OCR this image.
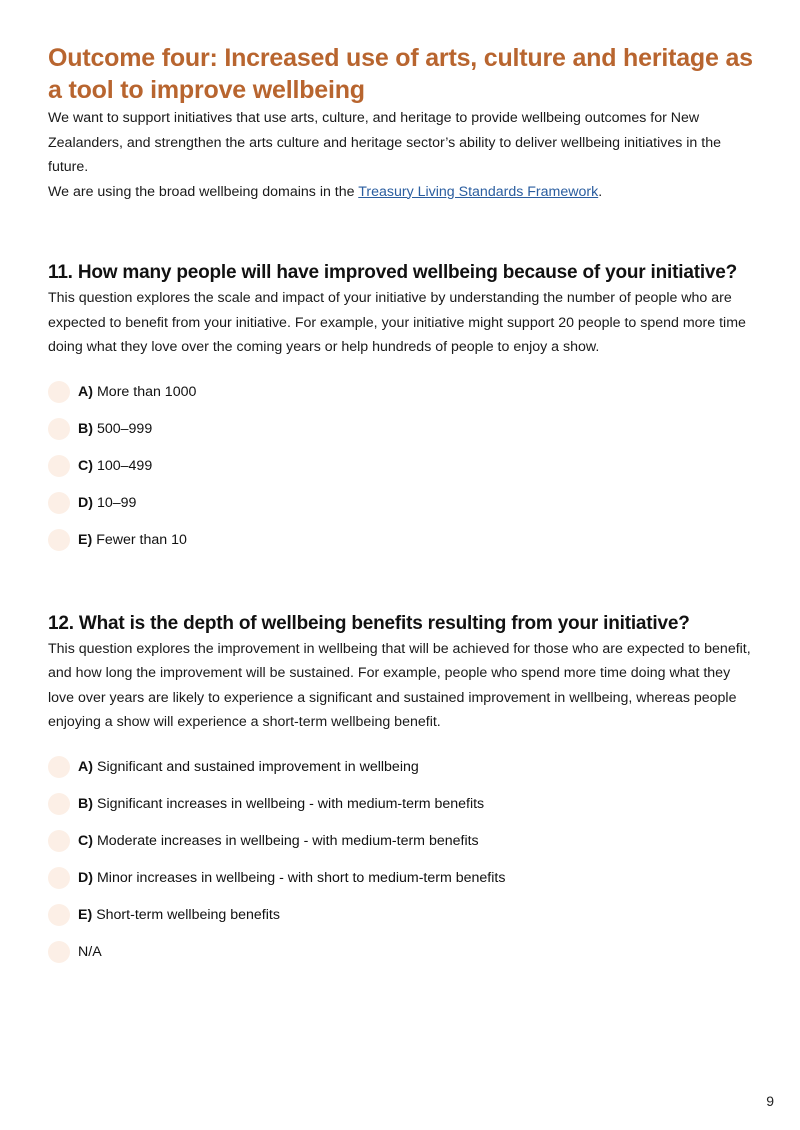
Outcome four: Increased use of arts, culture and heritage as a tool to improve wellbeing

We want to support initiatives that use arts, culture, and heritage to provide wellbeing outcomes for New Zealanders, and strengthen the arts culture and heritage sector’s ability to deliver wellbeing initiatives in the future.

We are using the broad wellbeing domains in the Treasury Living Standards Framework.

11. How many people will have improved wellbeing because of your initiative?

This question explores the scale and impact of your initiative by understanding the number of people who are expected to benefit from your initiative. For example, your initiative might support 20 people to spend more time doing what they love over the coming years or help hundreds of people to enjoy a show.

A) More than 1000
B) 500–999
C) 100–499
D) 10–99
E) Fewer than 10
12. What is the depth of wellbeing benefits resulting from your initiative?

This question explores the improvement in wellbeing that will be achieved for those who are expected to benefit, and how long the improvement will be sustained. For example, people who spend more time doing what they love over years are likely to experience a significant and sustained improvement in wellbeing, whereas people enjoying a show will experience a short-term wellbeing benefit.

A) Significant and sustained improvement in wellbeing
B) Significant increases in wellbeing - with medium-term benefits
C) Moderate increases in wellbeing - with medium-term benefits
D) Minor increases in wellbeing - with short to medium-term benefits
E) Short-term wellbeing benefits
N/A
9
